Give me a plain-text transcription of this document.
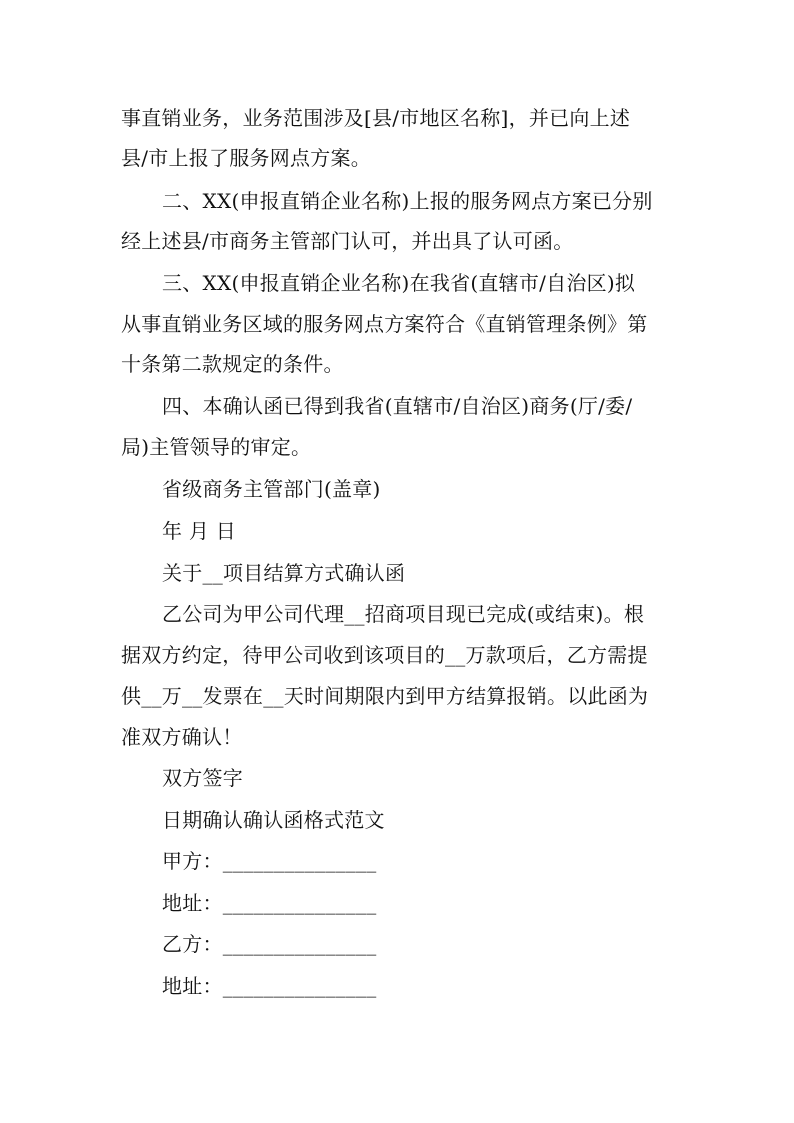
事直销业务，业务范围涉及[县/市地区名称]，并已向上述
县/市上报了服务网点方案。
二、XX(申报直销企业名称)上报的服务网点方案已分别
经上述县/市商务主管部门认可，并出具了认可函。
三、XX(申报直销企业名称)在我省(直辖市/自治区)拟
从事直销业务区域的服务网点方案符合《直销管理条例》第
十条第二款规定的条件。
四、本确认函已得到我省(直辖市/自治区)商务(厅/委/
局)主管领导的审定。
省级商务主管部门(盖章)
年 月 日
关于__项目结算方式确认函
乙公司为甲公司代理__招商项目现已完成(或结束)。根
据双方约定，待甲公司收到该项目的__万款项后，乙方需提
供__万__发票在__天时间期限内到甲方结算报销。以此函为
准双方确认！
双方签字
日期确认确认函格式范文
甲方：_______________
地址：_______________
乙方：_______________
地址：_______________
